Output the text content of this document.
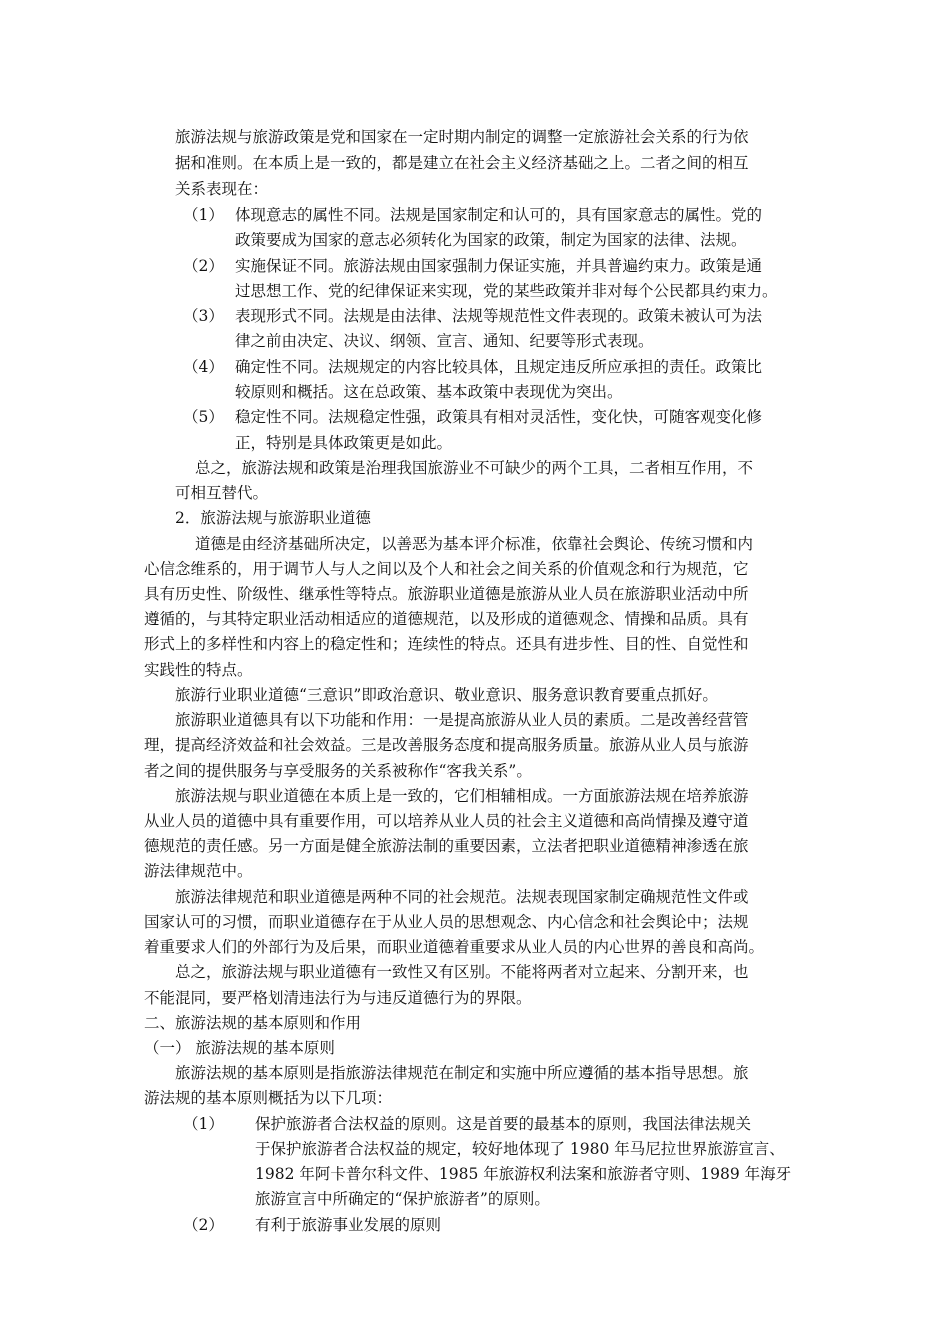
旅游法规与旅游政策是党和国家在一定时期内制定的调整一定旅游社会关系的行为依
据和准则。在本质上是一致的，都是建立在社会主义经济基础之上。二者之间的相互
关系表现在：
（1） 体现意志的属性不同。法规是国家制定和认可的，具有国家意志的属性。党的
政策要成为国家的意志必须转化为国家的政策，制定为国家的法律、法规。
（2） 实施保证不同。旅游法规由国家强制力保证实施，并具普遍约束力。政策是通
过思想工作、党的纪律保证来实现，党的某些政策并非对每个公民都具约束力。
（3） 表现形式不同。法规是由法律、法规等规范性文件表现的。政策未被认可为法
律之前由决定、决议、纲领、宣言、通知、纪要等形式表现。
（4） 确定性不同。法规规定的内容比较具体，且规定违反所应承担的责任。政策比
较原则和概括。这在总政策、基本政策中表现优为突出。
（5） 稳定性不同。法规稳定性强，政策具有相对灵活性，变化快，可随客观变化修
正，特别是具体政策更是如此。
总之，旅游法规和政策是治理我国旅游业不可缺少的两个工具，二者相互作用，不
可相互替代。
2．旅游法规与旅游职业道德
道德是由经济基础所决定，以善恶为基本评介标准，依靠社会舆论、传统习惯和内
心信念维系的，用于调节人与人之间以及个人和社会之间关系的价值观念和行为规范，它
具有历史性、阶级性、继承性等特点。旅游职业道德是旅游从业人员在旅游职业活动中所
遵循的，与其特定职业活动相适应的道德规范，以及形成的道德观念、情操和品质。具有
形式上的多样性和内容上的稳定性和；连续性的特点。还具有进步性、目的性、自觉性和
实践性的特点。
旅游行业职业道德“三意识”即政治意识、敬业意识、服务意识教育要重点抓好。
旅游职业道德具有以下功能和作用：一是提高旅游从业人员的素质。二是改善经营管
理，提高经济效益和社会效益。三是改善服务态度和提高服务质量。旅游从业人员与旅游
者之间的提供服务与享受服务的关系被称作“客我关系”。
旅游法规与职业道德在本质上是一致的，它们相辅相成。一方面旅游法规在培养旅游
从业人员的道德中具有重要作用，可以培养从业人员的社会主义道德和高尚情操及遵守道
德规范的责任感。另一方面是健全旅游法制的重要因素，立法者把职业道德精神渗透在旅
游法律规范中。
旅游法律规范和职业道德是两种不同的社会规范。法规表现国家制定确规范性文件或
国家认可的习惯，而职业道德存在于从业人员的思想观念、内心信念和社会舆论中；法规
着重要求人们的外部行为及后果，而职业道德着重要求从业人员的内心世界的善良和高尚。
总之，旅游法规与职业道德有一致性又有区别。不能将两者对立起来、分割开来，也
不能混同，要严格划清违法行为与违反道德行为的界限。
二、旅游法规的基本原则和作用
（一） 旅游法规的基本原则
旅游法规的基本原则是指旅游法律规范在制定和实施中所应遵循的基本指导思想。旅
游法规的基本原则概括为以下几项：
（1） 保护旅游者合法权益的原则。这是首要的最基本的原则，我国法律法规关
于保护旅游者合法权益的规定，较好地体现了 1980 年马尼拉世界旅游宣言、
1982 年阿卡普尔科文件、1985 年旅游权利法案和旅游者守则、1989 年海牙
旅游宣言中所确定的“保护旅游者”的原则。
（2） 有利于旅游事业发展的原则
